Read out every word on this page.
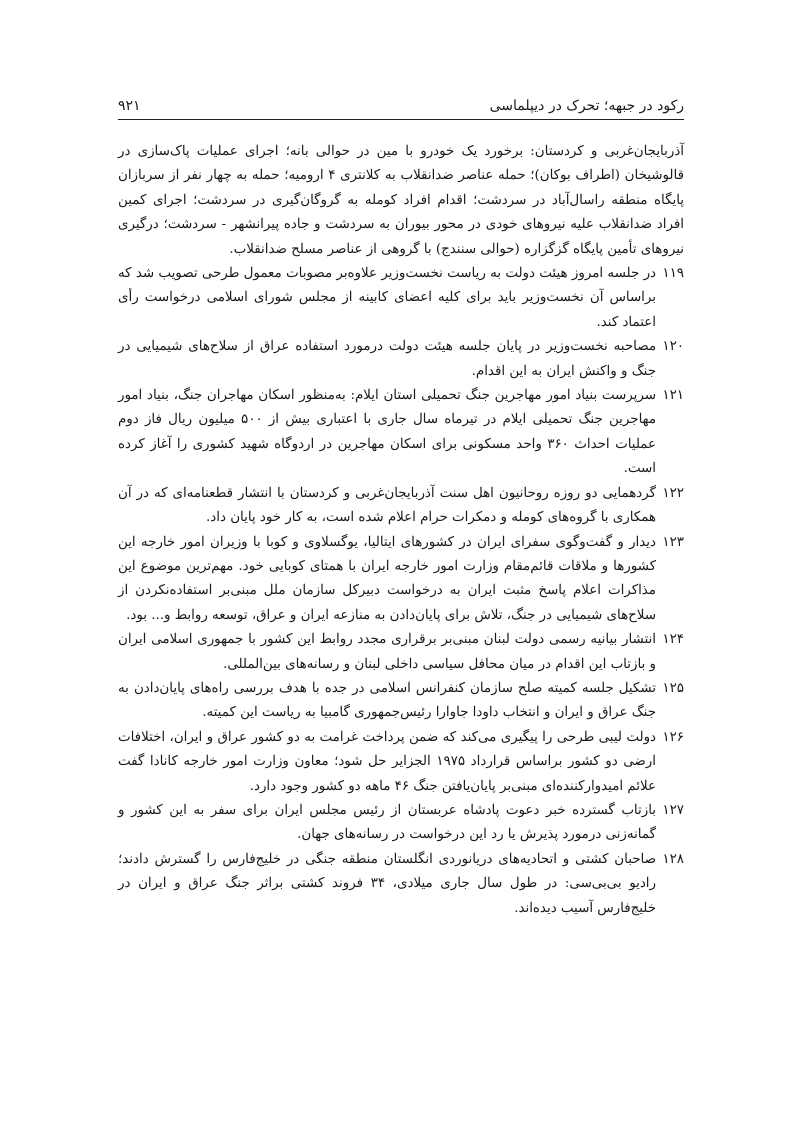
رکود در جبهه؛ تحرک در دیپلماسی
۹۲۱

آذربایجان‌غربی و کردستان: برخورد یک خودرو با مین در حوالی بانه؛ اجرای عملیات پاک‌سازی در قالوشیخان (اطراف بوکان)؛ حمله عناصر ضدانقلاب به کلانتری ۴ ارومیه؛ حمله به چهار نفر از سربازان پایگاه منطقه راسال‌آباد در سردشت؛ اقدام افراد کومله به گروگان‌گیری در سردشت؛ اجرای کمین افراد ضدانقلاب علیه نیروهای خودی در محور بیوران به سردشت و جاده پیرانشهر - سردشت؛ درگیری نیروهای تأمین پایگاه گزگزاره (حوالی سنندج) با گروهی از عناصر مسلح ضدانقلاب.

۱۱۹
در جلسه امروز هیئت دولت به ریاست نخست‌وزیر علاوه‌بر مصوبات معمول طرحی تصویب شد که براساس آن نخست‌وزیر باید برای کلیه اعضای کابینه از مجلس شورای اسلامی درخواست رأی اعتماد کند.
۱۲۰
مصاحبه نخست‌وزیر در پایان جلسه هیئت دولت درمورد استفاده عراق از سلاح‌های شیمیایی در جنگ و واکنش ایران به این اقدام.
۱۲۱
سرپرست بنیاد امور مهاجرین جنگ تحمیلی استان ایلام: به‌منظور اسکان مهاجران جنگ، بنیاد امور مهاجرین جنگ تحمیلی ایلام در تیرماه سال جاری با اعتباری بیش از ۵۰۰ میلیون ریال فاز دوم عملیات احداث ۳۶۰ واحد مسکونی برای اسکان مهاجرین در اردوگاه شهید کشوری را آغاز کرده است.
۱۲۲
گردهمایی دو روزه روحانیون اهل سنت آذربایجان‌غربی و کردستان با انتشار قطعنامه‌ای که در آن همکاری با گروه‌های کومله و دمکرات حرام اعلام شده است، به کار خود پایان داد.
۱۲۳
دیدار و گفت‌وگوی سفرای ایران در کشورهای ایتالیا، یوگسلاوی و کوبا با وزیران امور خارجه این کشورها و ملاقات قائم‌مقام وزارت امور خارجه ایران با همتای کوبایی خود. مهم‌ترین موضوع این مذاکرات اعلام پاسخ مثبت ایران به درخواست دبیرکل سازمان ملل مبنی‌بر استفاده‌نکردن از سلاح‌های شیمیایی در جنگ، تلاش برای پایان‌دادن به منازعه ایران و عراق، توسعه روابط و... بود.
۱۲۴
انتشار بیانیه رسمی دولت لبنان مبنی‌بر برقراری مجدد روابط این کشور با جمهوری اسلامی ایران و بازتاب این اقدام در میان محافل سیاسی داخلی لبنان و رسانه‌های بین‌المللی.
۱۲۵
تشکیل جلسه کمیته صلح سازمان کنفرانس اسلامی در جده با هدف بررسی راه‌های پایان‌دادن به جنگ عراق و ایران و انتخاب داودا جاوارا رئیس‌جمهوری گامبیا به ریاست این کمیته.
۱۲۶
دولت لیبی طرحی را پیگیری می‌کند که ضمن پرداخت غرامت به دو کشور عراق و ایران، اختلافات ارضی دو کشور براساس قرارداد ۱۹۷۵ الجزایر حل شود؛ معاون وزارت امور خارجه کانادا گفت علائم امیدوارکننده‌ای مبنی‌بر پایان‌یافتن جنگ ۴۶ ماهه دو کشور وجود دارد.
۱۲۷
بازتاب گسترده خبر دعوت پادشاه عربستان از رئیس مجلس ایران برای سفر به این کشور و گمانه‌زنی درمورد پذیرش یا رد این درخواست در رسانه‌های جهان.
۱۲۸
صاحبان کشتی و اتحادیه‌های دریانوردی انگلستان منطقه جنگی در خلیج‌فارس را گسترش دادند؛ رادیو بی‌بی‌سی: در طول سال جاری میلادی، ۳۴ فروند کشتی براثر جنگ عراق و ایران در خلیج‌فارس آسیب دیده‌اند.
